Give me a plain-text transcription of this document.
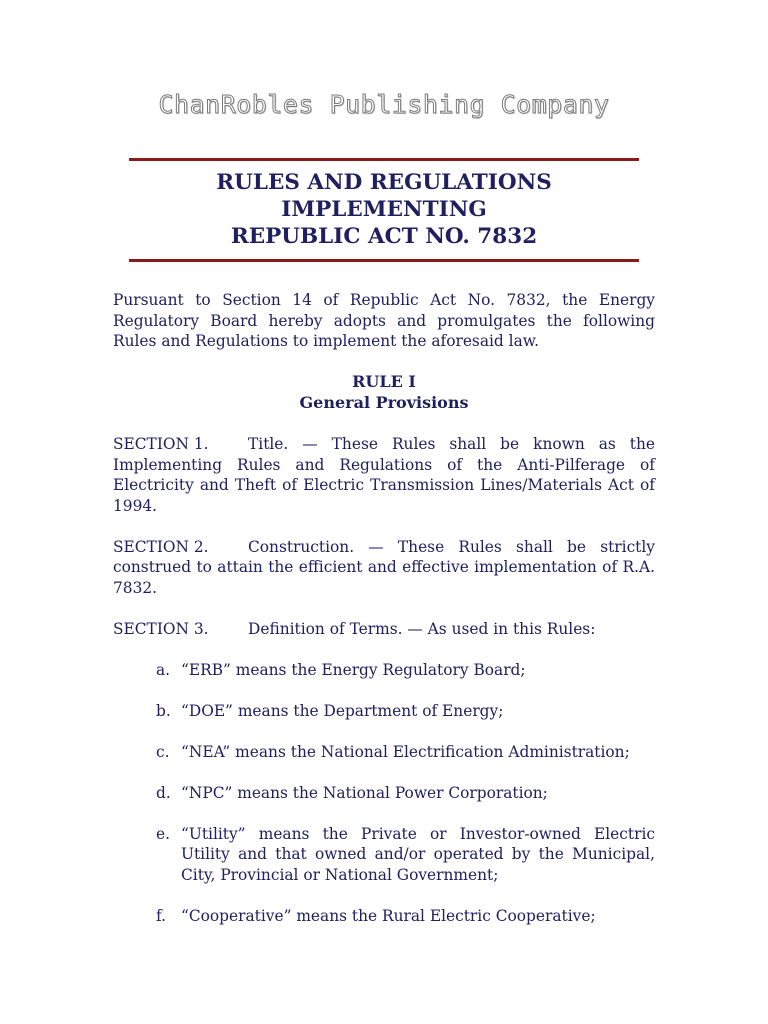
ChanRobles Publishing Company
RULES AND REGULATIONS
IMPLEMENTING
REPUBLIC ACT NO. 7832

Pursuant to Section 14 of Republic Act No. 7832, the Energy Regulatory Board hereby adopts and promulgates the following Rules and Regulations to implement the aforesaid law.

RULE I
General Provisions

SECTION 1.	Title. — These Rules shall be known as the Implementing Rules and Regulations of the Anti-Pilferage of Electricity and Theft of Electric Transmission Lines/Materials Act of 1994.

SECTION 2.	Construction. — These Rules shall be strictly construed to attain the efficient and effective implementation of R.A. 7832.

SECTION 3.	Definition of Terms. — As used in this Rules:

a. “ERB” means the Energy Regulatory Board;
b. “DOE” means the Department of Energy;
c. “NEA” means the National Electrification Administration;
d. “NPC” means the National Power Corporation;
e. “Utility” means the Private or Investor-owned Electric Utility and that owned and/or operated by the Municipal, City, Provincial or National Government;
f. “Cooperative” means the Rural Electric Cooperative;
